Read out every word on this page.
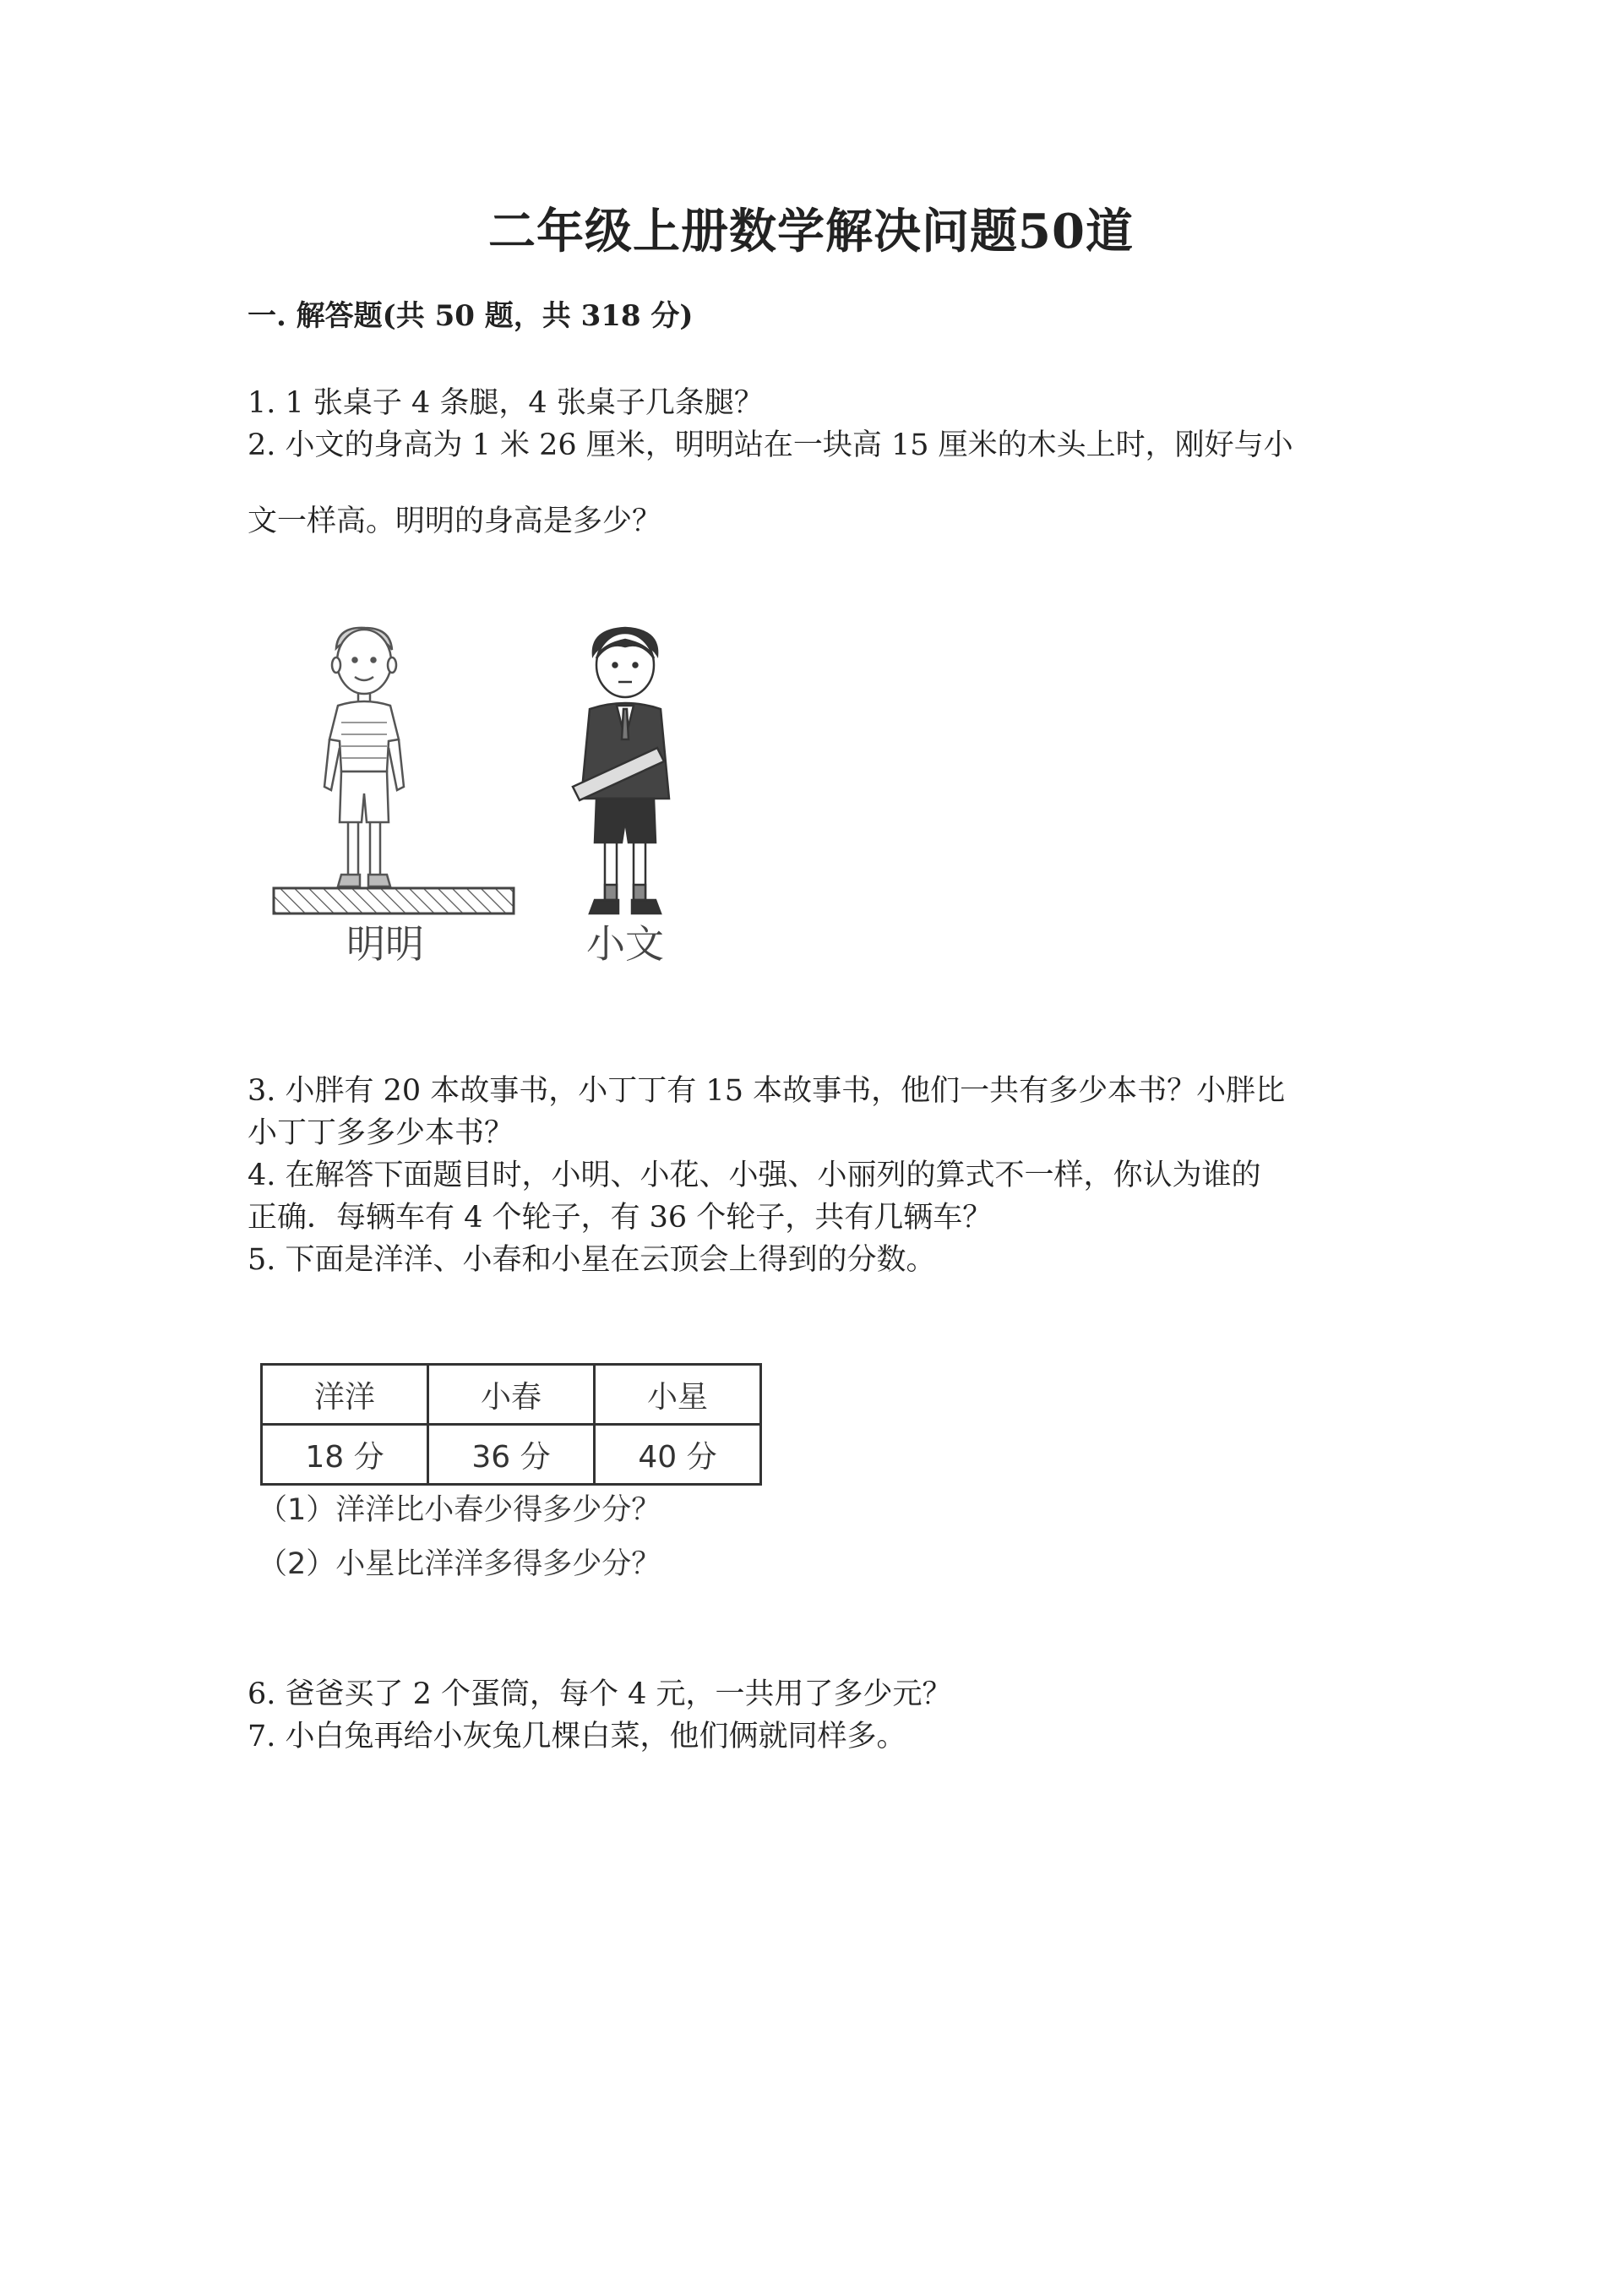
二年级上册数学解决问题50道
一. 解答题(共 50 题，共 318 分)
1. 1 张桌子 4 条腿，4 张桌子几条腿？
2. 小文的身高为 1 米 26 厘米，明明站在一块高 15 厘米的木头上时，刚好与小
文一样高。明明的身高是多少？
明明	小文
3. 小胖有 20 本故事书，小丁丁有 15 本故事书，他们一共有多少本书？小胖比
小丁丁多多少本书？
4. 在解答下面题目时，小明、小花、小强、小丽列的算式不一样，你认为谁的
正确．每辆车有 4 个轮子，有 36 个轮子，共有几辆车？
5. 下面是洋洋、小春和小星在云顶会上得到的分数。
洋洋	小春	小星
18 分	36 分	40 分
（1）洋洋比小春少得多少分？
（2）小星比洋洋多得多少分？
6. 爸爸买了 2 个蛋筒，每个 4 元，一共用了多少元？
7. 小白兔再给小灰兔几棵白菜，他们俩就同样多。
